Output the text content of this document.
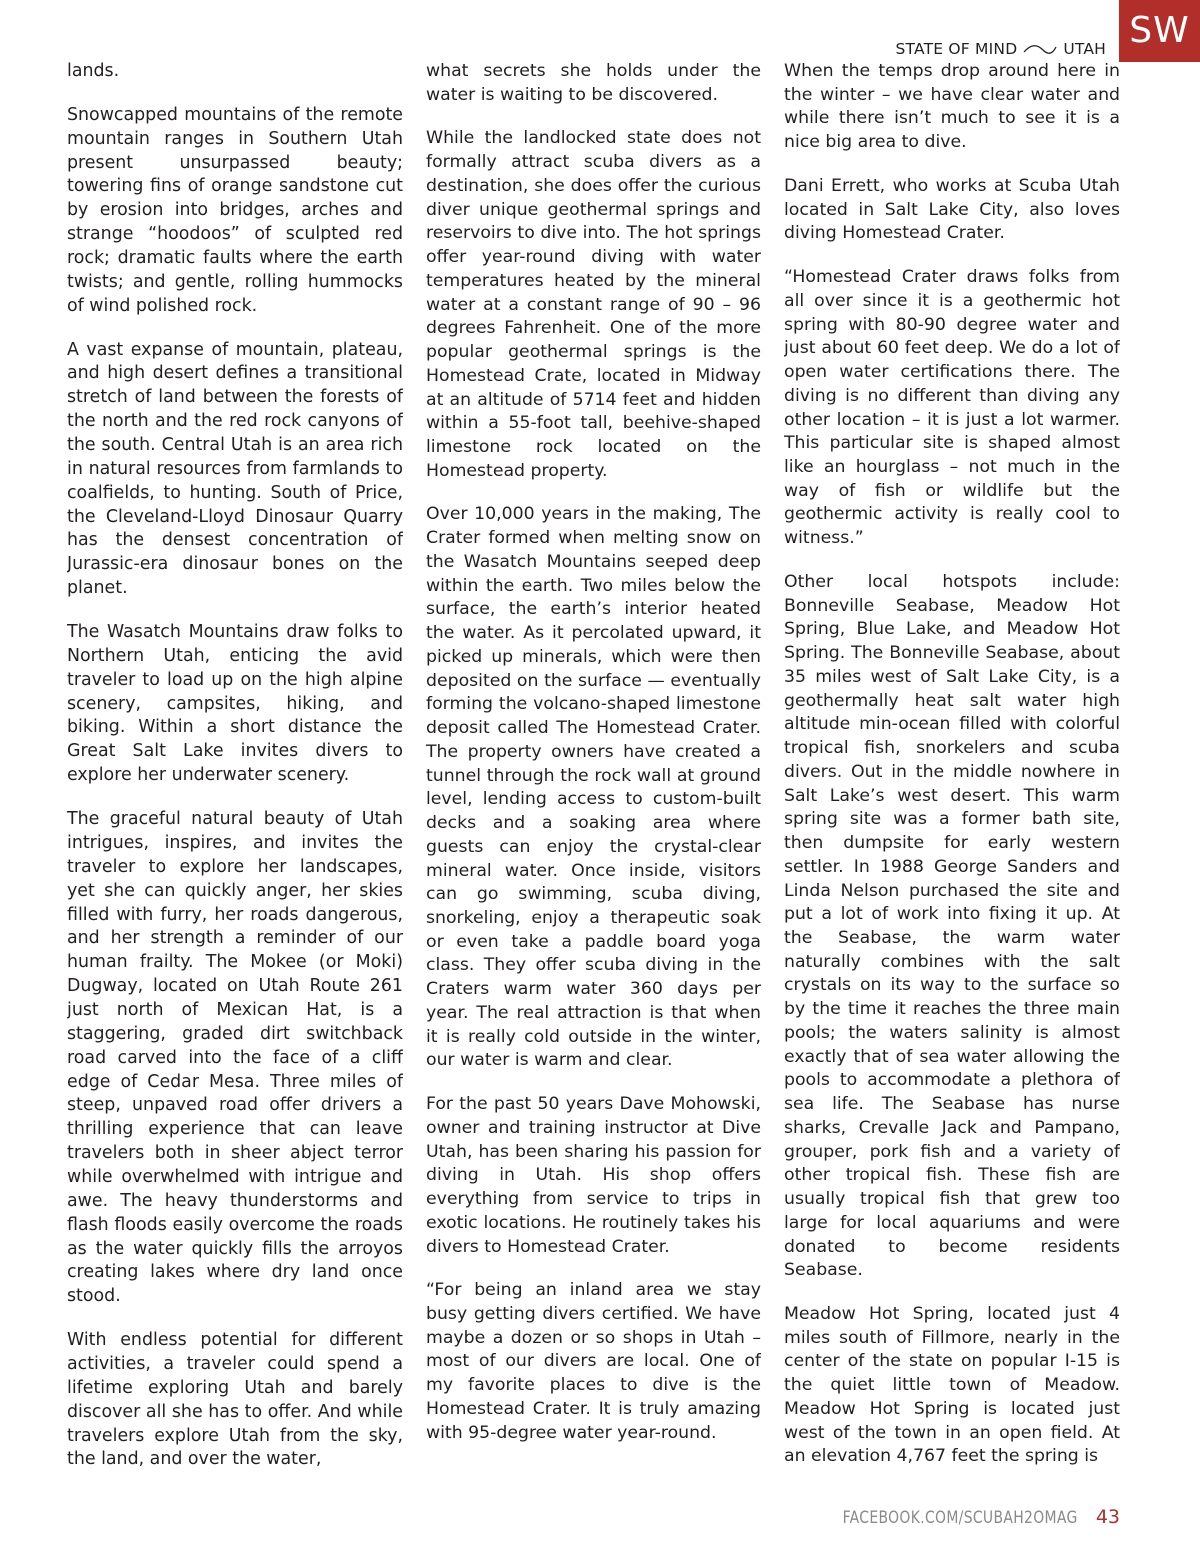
SW
STATE OF MIND	UTAH

lands.

Snowcapped mountains of the remote mountain ranges in Southern Utah present unsurpassed beauty; towering fins of orange sandstone cut by erosion into bridges, arches and strange “hoodoos” of sculpted red rock; dramatic faults where the earth twists; and gentle, rolling hummocks of wind polished rock.

A vast expanse of mountain, plateau, and high desert defines a transitional stretch of land between the forests of the north and the red rock canyons of the south. Central Utah is an area rich in natural resources from farmlands to coalfields, to hunting. South of Price, the Cleveland-Lloyd Dinosaur Quarry has the densest concentration of Jurassic-era dinosaur bones on the planet.

The Wasatch Mountains draw folks to Northern Utah, enticing the avid traveler to load up on the high alpine scenery, campsites, hiking, and biking. Within a short distance the Great Salt Lake invites divers to explore her underwater scenery.

The graceful natural beauty of Utah intrigues, inspires, and invites the traveler to explore her landscapes, yet she can quickly anger, her skies filled with furry, her roads dangerous, and her strength a reminder of our human frailty. The Mokee (or Moki) Dugway, located on Utah Route 261 just north of Mexican Hat, is a staggering, graded dirt switchback road carved into the face of a cliff edge of Cedar Mesa. Three miles of steep, unpaved road offer drivers a thrilling experience that can leave travelers both in sheer abject terror while overwhelmed with intrigue and awe. The heavy thunderstorms and flash floods easily overcome the roads as the water quickly fills the arroyos creating lakes where dry land once stood.

With endless potential for different activities, a traveler could spend a lifetime exploring Utah and barely discover all she has to offer. And while travelers explore Utah from the sky, the land, and over the water,

what secrets she holds under the water is waiting to be discovered.

While the landlocked state does not formally attract scuba divers as a destination, she does offer the curious diver unique geothermal springs and reservoirs to dive into. The hot springs offer year-round diving with water temperatures heated by the mineral water at a constant range of 90 – 96 degrees Fahrenheit. One of the more popular geothermal springs is the Homestead Crate, located in Midway at an altitude of 5714 feet and hidden within a 55-foot tall, beehive-shaped limestone rock located on the Homestead property.

Over 10,000 years in the making, The Crater formed when melting snow on the Wasatch Mountains seeped deep within the earth. Two miles below the surface, the earth’s interior heated the water. As it percolated upward, it picked up minerals, which were then deposited on the surface — eventually forming the volcano-shaped limestone deposit called The Homestead Crater. The property owners have created a tunnel through the rock wall at ground level, lending access to custom-built decks and a soaking area where guests can enjoy the crystal-clear mineral water. Once inside, visitors can go swimming, scuba diving, snorkeling, enjoy a therapeutic soak or even take a paddle board yoga class. They offer scuba diving in the Craters warm water 360 days per year. The real attraction is that when it is really cold outside in the winter, our water is warm and clear.

For the past 50 years Dave Mohowski, owner and training instructor at Dive Utah, has been sharing his passion for diving in Utah. His shop offers everything from service to trips in exotic locations. He routinely takes his divers to Homestead Crater.

“For being an inland area we stay busy getting divers certified. We have maybe a dozen or so shops in Utah – most of our divers are local. One of my favorite places to dive is the Homestead Crater. It is truly amazing with 95-degree water year-round.

When the temps drop around here in the winter – we have clear water and while there isn’t much to see it is a nice big area to dive.

Dani Errett, who works at Scuba Utah located in Salt Lake City, also loves diving Homestead Crater.

“Homestead Crater draws folks from all over since it is a geothermic hot spring with 80-90 degree water and just about 60 feet deep. We do a lot of open water certifications there. The diving is no different than diving any other location – it is just a lot warmer. This particular site is shaped almost like an hourglass – not much in the way of fish or wildlife but the geothermic activity is really cool to witness.”

Other local hotspots include: Bonneville Seabase, Meadow Hot Spring, Blue Lake, and Meadow Hot Spring. The Bonneville Seabase, about 35 miles west of Salt Lake City, is a geothermally heat salt water high altitude min-ocean filled with colorful tropical fish, snorkelers and scuba divers. Out in the middle nowhere in Salt Lake’s west desert. This warm spring site was a former bath site, then dumpsite for early western settler. In 1988 George Sanders and Linda Nelson purchased the site and put a lot of work into fixing it up. At the Seabase, the warm water naturally combines with the salt crystals on its way to the surface so by the time it reaches the three main pools; the waters salinity is almost exactly that of sea water allowing the pools to accommodate a plethora of sea life. The Seabase has nurse sharks, Crevalle Jack and Pampano, grouper, pork fish and a variety of other tropical fish. These fish are usually tropical fish that grew too large for local aquariums and were donated to become residents Seabase.

Meadow Hot Spring, located just 4 miles south of Fillmore, nearly in the center of the state on popular I-15 is the quiet little town of Meadow. Meadow Hot Spring is located just west of the town in an open field. At an elevation 4,767 feet the spring is

FACEBOOK.COM/SCUBAH2OMAG 43
